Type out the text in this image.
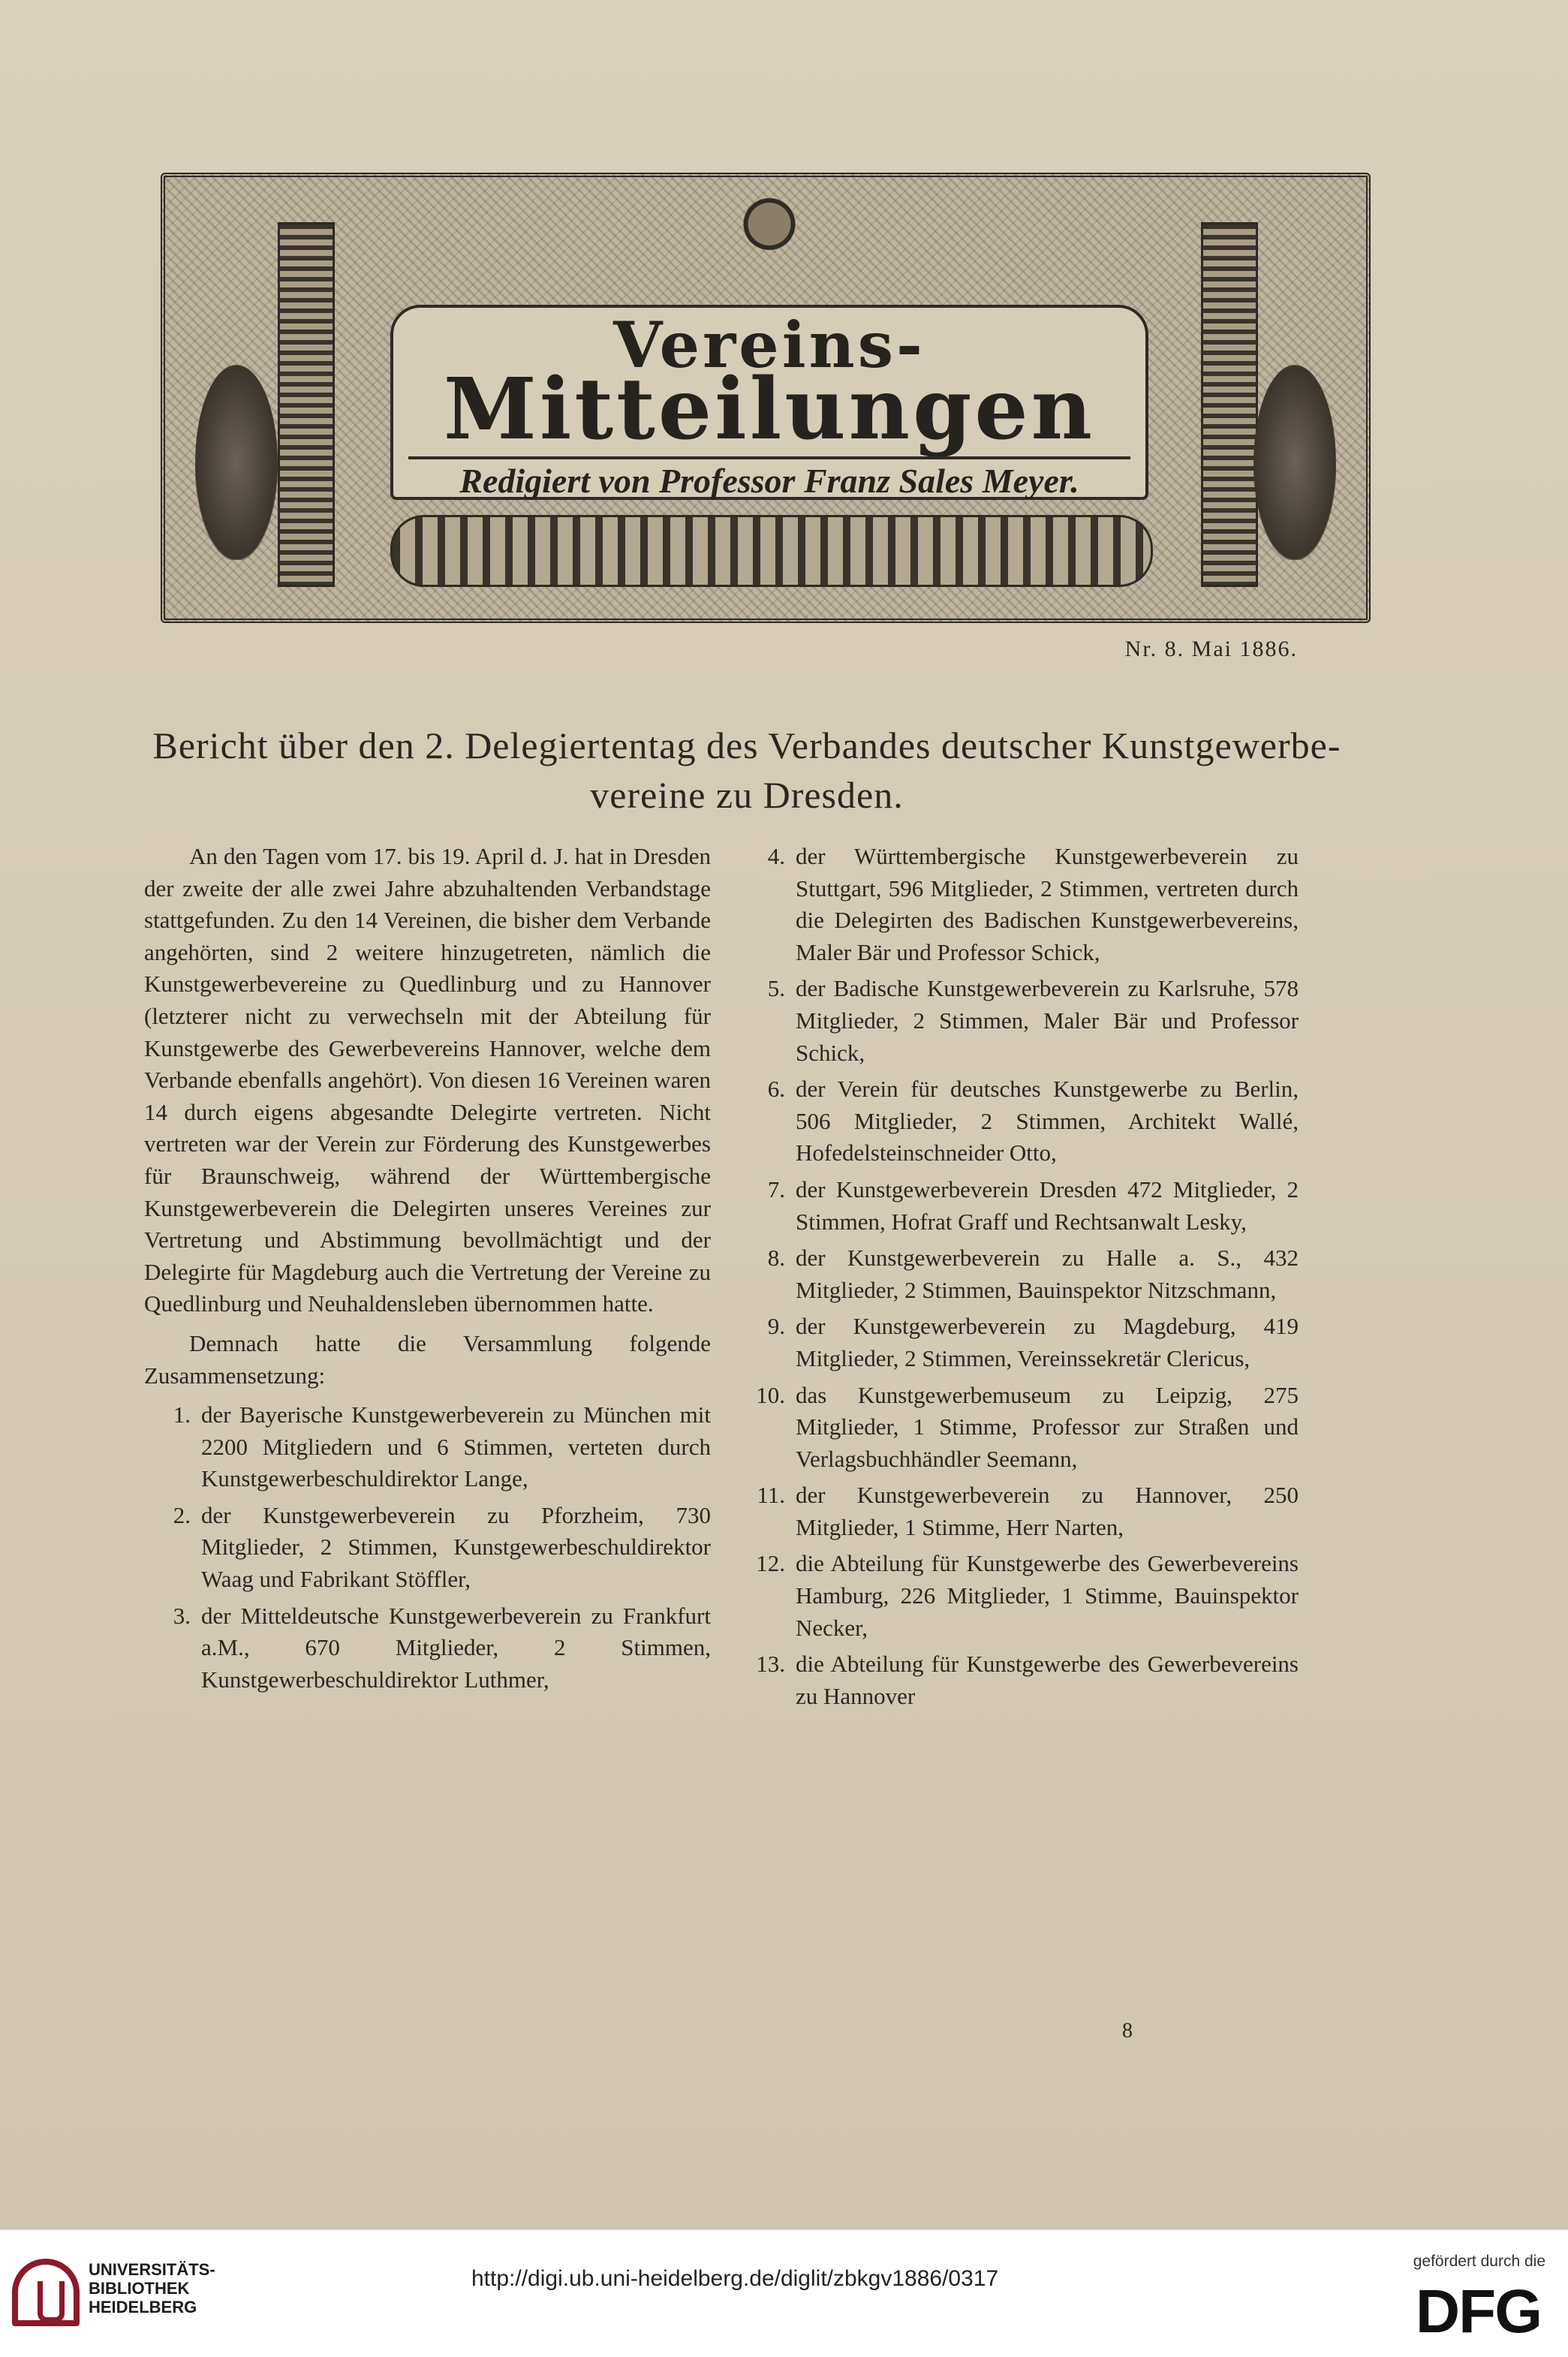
Vereins-
Mitteilungen
Redigiert von Professor Franz Sales Meyer.
Nr. 8. Mai 1886.
Bericht über den 2. Delegiertentag des Verbandes deutscher Kunstgewerbe-
vereine zu Dresden.

An den Tagen vom 17. bis 19. April d. J. hat in Dresden der zweite der alle zwei Jahre abzuhaltenden Verbandstage stattgefunden. Zu den 14 Vereinen, die bisher dem Verbande angehörten, sind 2 weitere hinzugetreten, nämlich die Kunstgewerbevereine zu Quedlinburg und zu Hannover (letzterer nicht zu verwechseln mit der Abteilung für Kunstgewerbe des Gewerbevereins Hannover, welche dem Verbande ebenfalls angehört). Von diesen 16 Vereinen waren 14 durch eigens abgesandte Delegirte vertreten. Nicht vertreten war der Verein zur Förderung des Kunstgewerbes für Braunschweig, während der Württembergische Kunstgewerbeverein die Delegirten unseres Vereines zur Vertretung und Abstimmung bevollmächtigt und der Delegirte für Magdeburg auch die Vertretung der Vereine zu Quedlinburg und Neuhaldensleben übernommen hatte.

Demnach hatte die Versammlung folgende Zusammensetzung:

1. der Bayerische Kunstgewerbeverein zu München mit 2200 Mitgliedern und 6 Stimmen, verteten durch Kunstgewerbeschuldirektor Lange,
2. der Kunstgewerbeverein zu Pforzheim, 730 Mitglieder, 2 Stimmen, Kunstgewerbeschuldirektor Waag und Fabrikant Stöffler,
3. der Mitteldeutsche Kunstgewerbeverein zu Frankfurt a.M., 670 Mitglieder, 2 Stimmen, Kunstgewerbeschuldirektor Luthmer,
4. der Württembergische Kunstgewerbeverein zu Stuttgart, 596 Mitglieder, 2 Stimmen, vertreten durch die Delegirten des Badischen Kunstgewerbevereins, Maler Bär und Professor Schick,
5. der Badische Kunstgewerbeverein zu Karlsruhe, 578 Mitglieder, 2 Stimmen, Maler Bär und Professor Schick,
6. der Verein für deutsches Kunstgewerbe zu Berlin, 506 Mitglieder, 2 Stimmen, Architekt Wallé, Hofedelsteinschneider Otto,
7. der Kunstgewerbeverein Dresden 472 Mitglieder, 2 Stimmen, Hofrat Graff und Rechtsanwalt Lesky,
8. der Kunstgewerbeverein zu Halle a. S., 432 Mitglieder, 2 Stimmen, Bauinspektor Nitzschmann,
9. der Kunstgewerbeverein zu Magdeburg, 419 Mitglieder, 2 Stimmen, Vereinssekretär Clericus,
10. das Kunstgewerbemuseum zu Leipzig, 275 Mitglieder, 1 Stimme, Professor zur Straßen und Verlagsbuchhändler Seemann,
11. der Kunstgewerbeverein zu Hannover, 250 Mitglieder, 1 Stimme, Herr Narten,
12. die Abteilung für Kunstgewerbe des Gewerbevereins Hamburg, 226 Mitglieder, 1 Stimme, Bauinspektor Necker,
13. die Abteilung für Kunstgewerbe des Gewerbevereins zu Hannover
8
UNIVERSITÄTS-
BIBLIOTHEK
HEIDELBERG
http://digi.ub.uni-heidelberg.de/diglit/zbkgv1886/0317
gefördert durch die
DFG
